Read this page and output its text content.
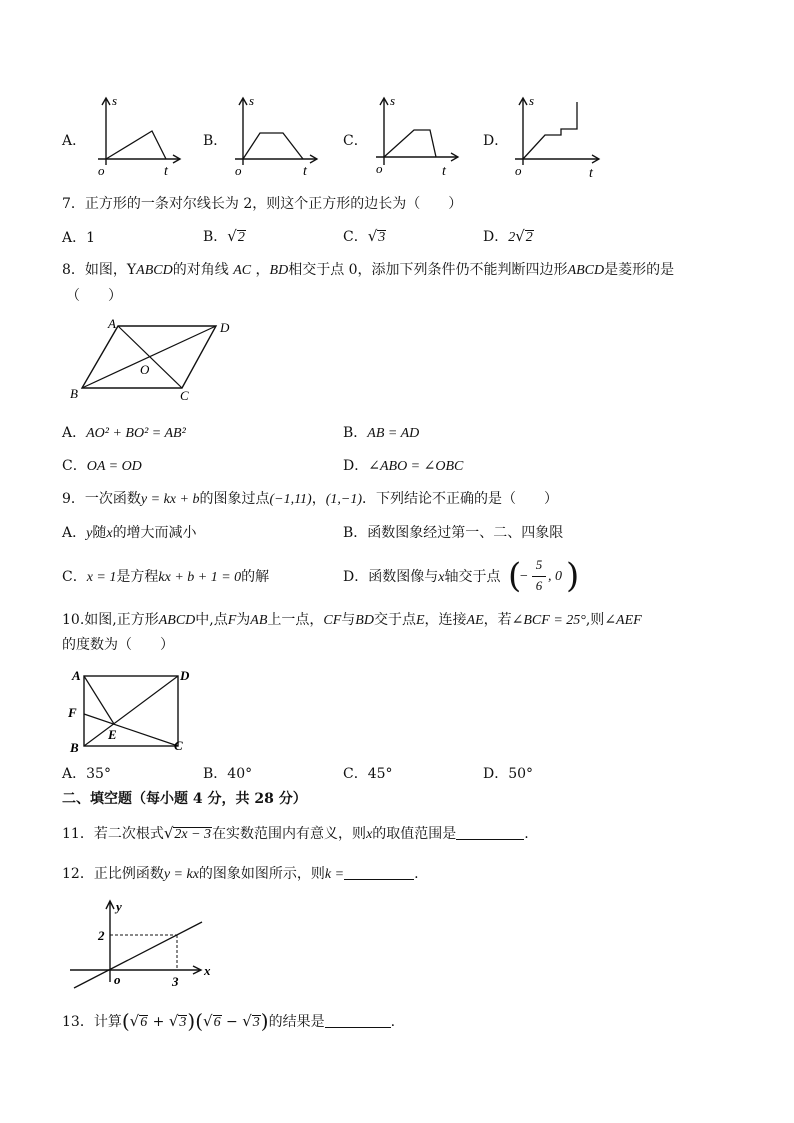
A．
s
o	t
B．
s
o	t
C．
s
o	t
D．
s
o	t
7．正方形的一条对尔线长为 2，则这个正方形的边长为（　　）
A．1	B．√2	C．√3	D．2√2
8．如图，YABCD的对角线 AC ，BD相交于点 0，添加下列条件仍不能判断四边形ABCD是菱形的是
（　　）
A	D
B	C
O
A．AO² + BO² = AB²	B．AB = AD
C．OA = OD	D．∠ABO = ∠OBC
9．一次函数y = kx + b的图象过点(−1,11)，(1,−1)．下列结论不正确的是（　　）
A．y随x的增大而减小	B．函数图象经过第一、二、四象限
C．x = 1是方程kx + b + 1 = 0的解	D．函数图像与x轴交于点 (
−
5
6
, 0 )
10.如图,正方形ABCD中,点F为AB上一点，CF与BD交于点E，连接AE，若∠BCF = 25°,则∠AEF
的度数为（　　）
A	D
F
B	C
E
A．35°	B．40°	C．45°	D．50°
二、填空题（每小题 4 分，共 28 分）
11．若二次根式√2x − 3在实数范围内有意义，则x的取值范围是	.
12．正比例函数y = kx的图象如图所示，则k =	.
y
x
o
2
3
13．计算(√6 + √3)(√6 − √3)的结果是	.
